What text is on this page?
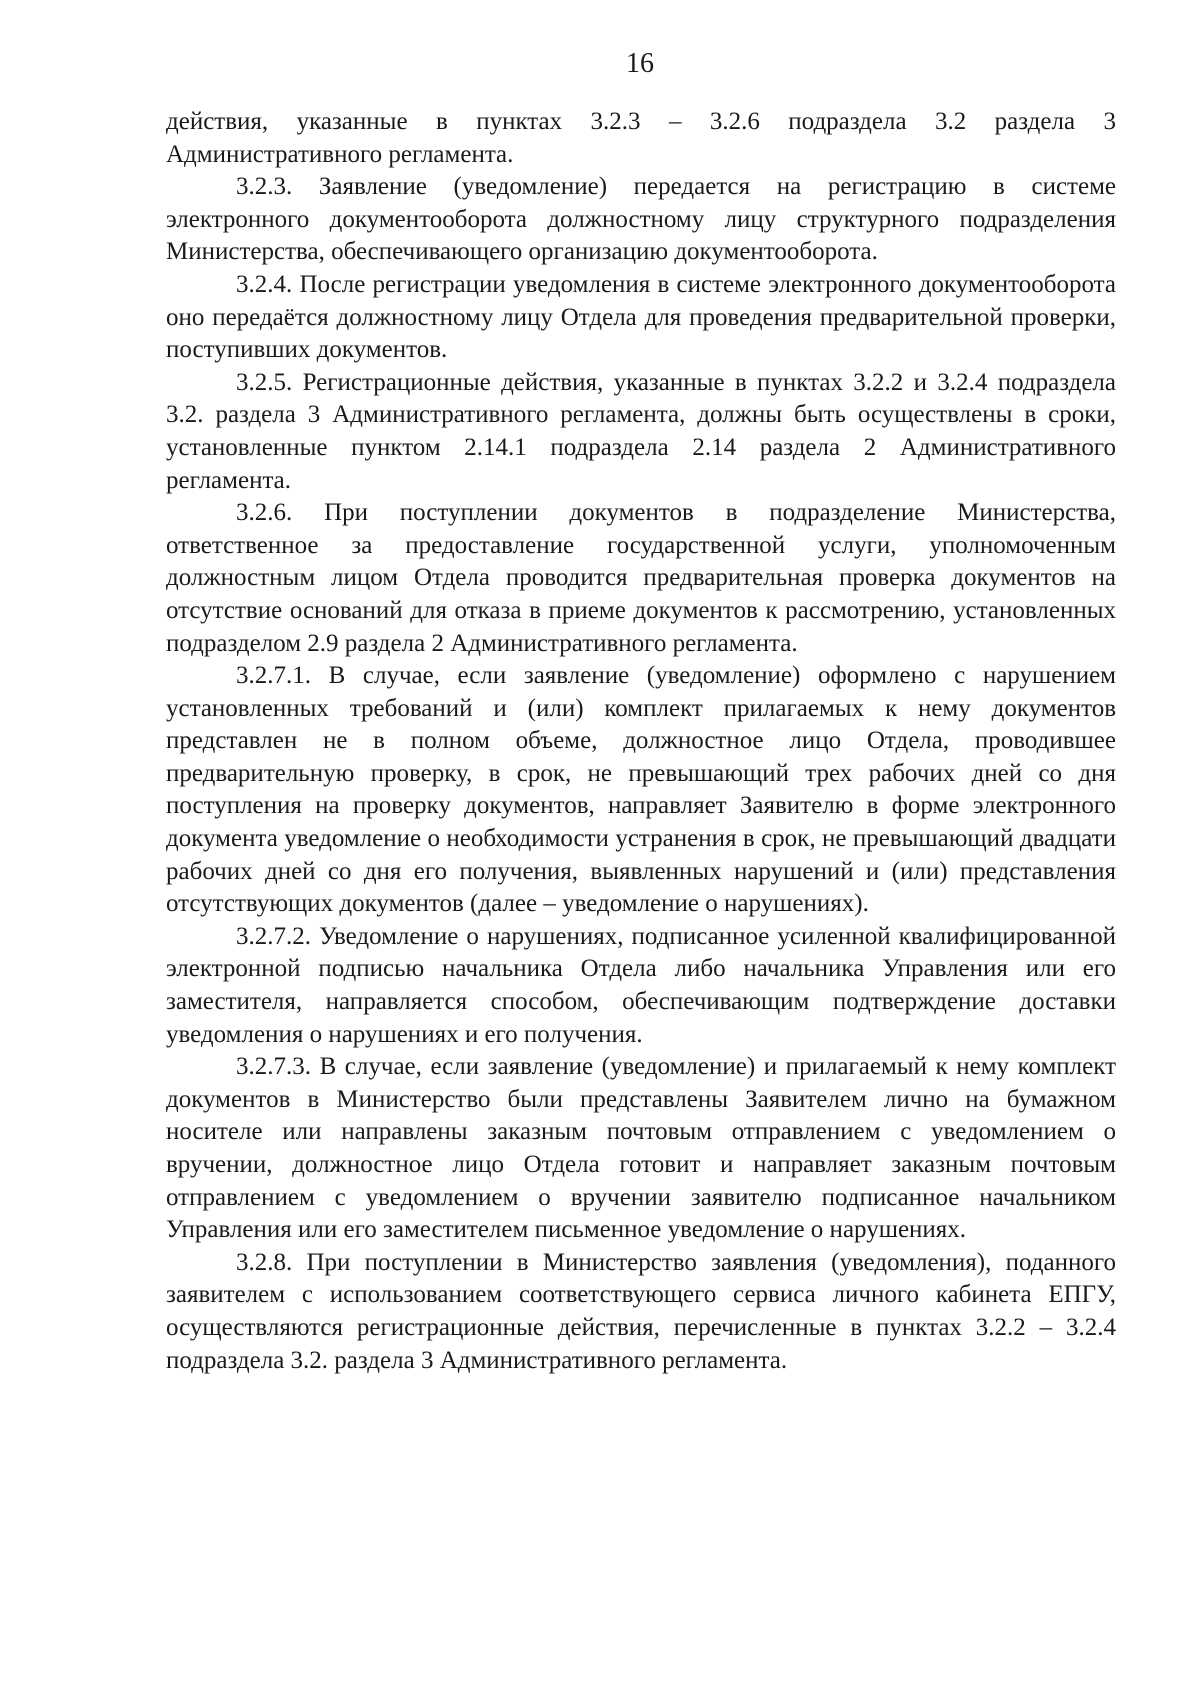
16

действия, указанные в пунктах 3.2.3 – 3.2.6 подраздела 3.2 раздела 3 Административного регламента.

3.2.3. Заявление (уведомление) передается на регистрацию в системе электронного документооборота должностному лицу структурного подразделения Министерства, обеспечивающего организацию документооборота.

3.2.4. После регистрации уведомления в системе электронного документооборота оно передаётся должностному лицу Отдела для проведения предварительной проверки, поступивших документов.

3.2.5. Регистрационные действия, указанные в пунктах 3.2.2 и 3.2.4 подраздела 3.2. раздела 3 Административного регламента, должны быть осуществлены в сроки, установленные пунктом 2.14.1 подраздела 2.14 раздела 2 Административного регламента.

3.2.6. При поступлении документов в подразделение Министерства, ответственное за предоставление государственной услуги, уполномоченным должностным лицом Отдела проводится предварительная проверка документов на отсутствие оснований для отказа в приеме документов к рассмотрению, установленных подразделом 2.9 раздела 2 Административного регламента.

3.2.7.1. В случае, если заявление (уведомление) оформлено с нарушением установленных требований и (или) комплект прилагаемых к нему документов представлен не в полном объеме, должностное лицо Отдела, проводившее предварительную проверку, в срок, не превышающий трех рабочих дней со дня поступления на проверку документов, направляет Заявителю в форме электронного документа уведомление о необходимости устранения в срок, не превышающий двадцати рабочих дней со дня его получения, выявленных нарушений и (или) представления отсутствующих документов (далее – уведомление о нарушениях).

3.2.7.2. Уведомление о нарушениях, подписанное усиленной квалифицированной электронной подписью начальника Отдела либо начальника Управления или его заместителя, направляется способом, обеспечивающим подтверждение доставки уведомления о нарушениях и его получения.

3.2.7.3. В случае, если заявление (уведомление) и прилагаемый к нему комплект документов в Министерство были представлены Заявителем лично на бумажном носителе или направлены заказным почтовым отправлением с уведомлением о вручении, должностное лицо Отдела готовит и направляет заказным почтовым отправлением с уведомлением о вручении заявителю подписанное начальником Управления или его заместителем письменное уведомление о нарушениях.

3.2.8. При поступлении в Министерство заявления (уведомления), поданного заявителем с использованием соответствующего сервиса личного кабинета ЕПГУ, осуществляются регистрационные действия, перечисленные в пунктах 3.2.2 – 3.2.4 подраздела 3.2. раздела 3 Административного регламента.
